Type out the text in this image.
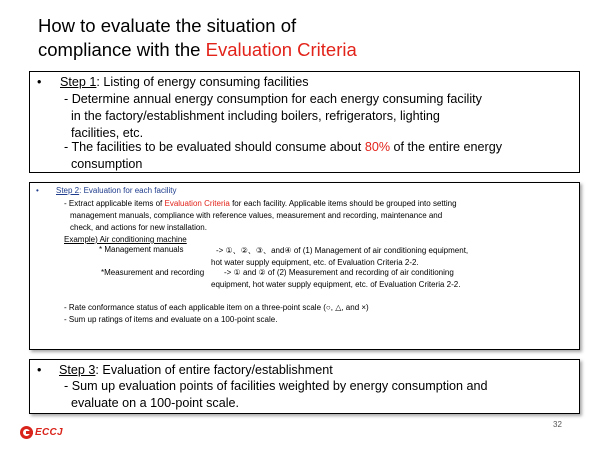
How to evaluate the situation of
compliance with the Evaluation Criteria
• Step 1: Listing of energy consuming facilities
- Determine annual energy consumption for each energy consuming facility
in the factory/establishment including boilers, refrigerators, lighting
facilities, etc.
- The facilities to be evaluated should consume about 80% of the entire energy
consumption
• Step 2: Evaluation for each facility
- Extract applicable items of Evaluation Criteria for each facility. Applicable items should be grouped into setting
management manuals, compliance with reference values, measurement and recording, maintenance and
check, and actions for new installation.
Example) Air conditioning machine
* Management manuals	-> ①、②、③、and④ of (1) Management of air conditioning equipment,
hot water supply equipment, etc. of Evaluation Criteria 2-2.
*Measurement and recording -> ① and ② of (2) Measurement and recording of air conditioning
equipment, hot water supply equipment, etc. of Evaluation Criteria 2-2.
- Rate conformance status of each applicable item on a three-point scale (○, △, and ×)
- Sum up ratings of items and evaluate on a 100-point scale.
• Step 3: Evaluation of entire factory/establishment
- Sum up evaluation points of facilities weighted by energy consumption and
evaluate on a 100-point scale.
32
ECCJ
